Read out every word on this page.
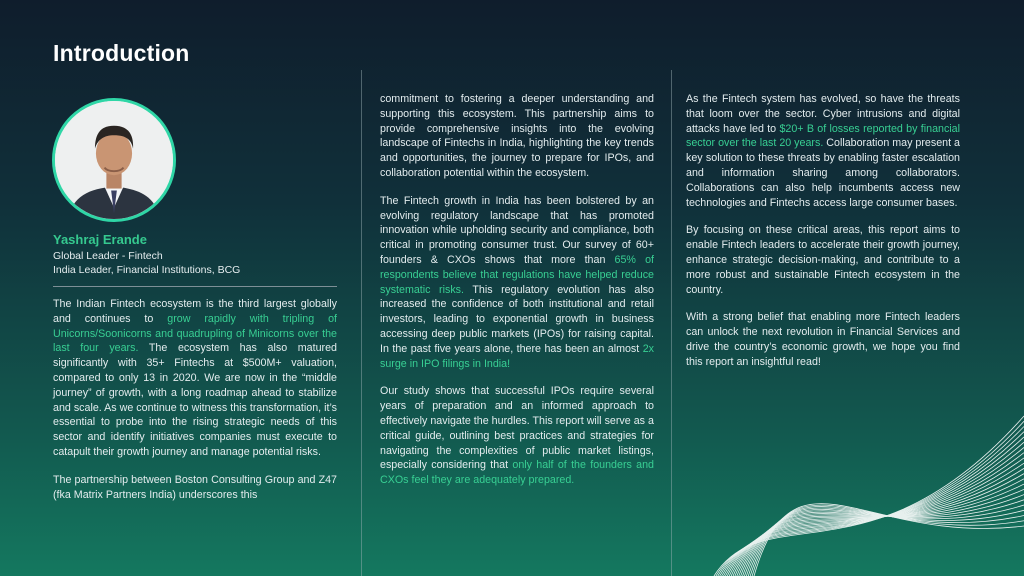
Introduction
Yashraj Erande
Global Leader - Fintech
India Leader, Financial Institutions, BCG

The Indian Fintech ecosystem is the third largest globally and continues to grow rapidly with tripling of Unicorns/Soonicorns and quadrupling of Minicorns over the last four years. The ecosystem has also matured significantly with 35+ Fintechs at $500M+ valuation, compared to only 13 in 2020. We are now in the “middle journey” of growth, with a long roadmap ahead to stabilize and scale. As we continue to witness this transformation, it’s essential to probe into the rising strategic needs of this sector and identify initiatives companies must execute to catapult their growth journey and manage potential risks.

The partnership between Boston Consulting Group and Z47 (fka Matrix Partners India) underscores this

commitment to fostering a deeper understanding and supporting this ecosystem. This partnership aims to provide comprehensive insights into the evolving landscape of Fintechs in India, highlighting the key trends and opportunities, the journey to prepare for IPOs, and collaboration potential within the ecosystem.

The Fintech growth in India has been bolstered by an evolving regulatory landscape that has promoted innovation while upholding security and compliance, both critical in promoting consumer trust. Our survey of 60+ founders & CXOs shows that more than 65% of respondents believe that regulations have helped reduce systematic risks. This regulatory evolution has also increased the confidence of both institutional and retail investors, leading to exponential growth in business accessing deep public markets (IPOs) for raising capital. In the past five years alone, there has been an almost 2x surge in IPO filings in India!

Our study shows that successful IPOs require several years of preparation and an informed approach to effectively navigate the hurdles. This report will serve as a critical guide, outlining best practices and strategies for navigating the complexities of public market listings, especially considering that only half of the founders and CXOs feel they are adequately prepared.

As the Fintech system has evolved, so have the threats that loom over the sector. Cyber intrusions and digital attacks have led to $20+ B of losses reported by financial sector over the last 20 years. Collaboration may present a key solution to these threats by enabling faster escalation and information sharing among collaborators. Collaborations can also help incumbents access new technologies and Fintechs access large consumer bases.

By focusing on these critical areas, this report aims to enable Fintech leaders to accelerate their growth journey, enhance strategic decision-making, and contribute to a more robust and sustainable Fintech ecosystem in the country.

With a strong belief that enabling more Fintech leaders can unlock the next revolution in Financial Services and drive the country’s economic growth, we hope you find this report an insightful read!
